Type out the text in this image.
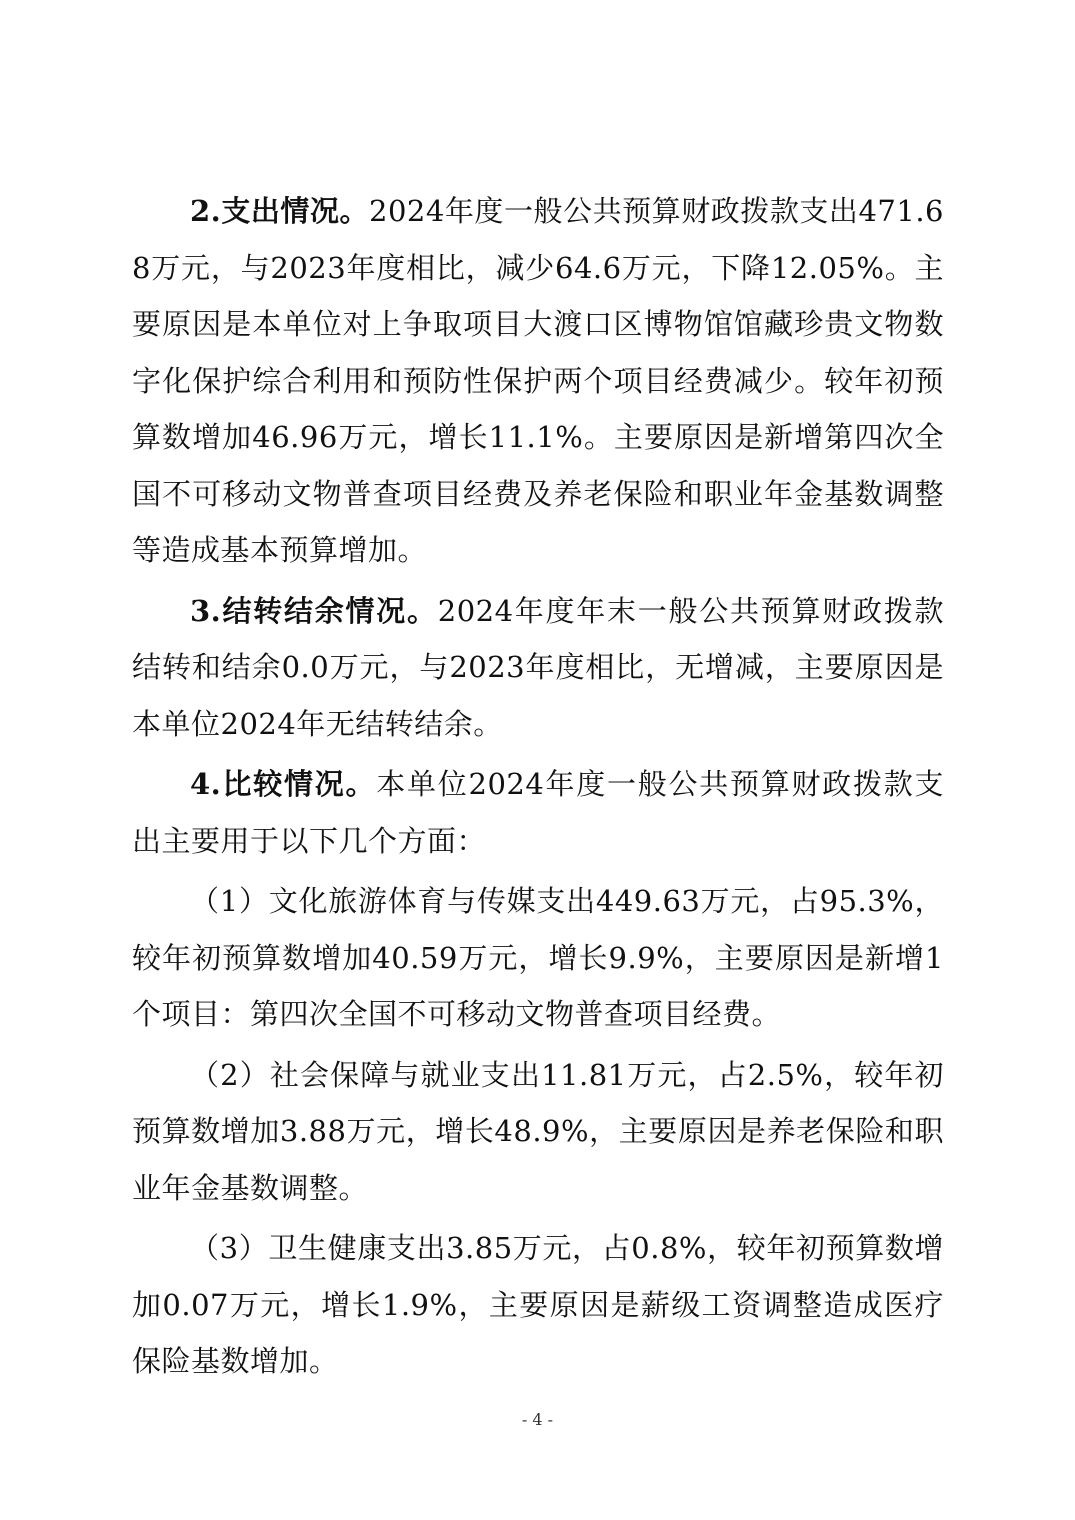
2.支出情况。2024年度一般公共预算财政拨款支出471.68万元，与2023年度相比，减少64.6万元，下降12.05%。主要原因是本单位对上争取项目大渡口区博物馆馆藏珍贵文物数字化保护综合利用和预防性保护两个项目经费减少。较年初预算数增加46.96万元，增长11.1%。主要原因是新增第四次全国不可移动文物普查项目经费及养老保险和职业年金基数调整等造成基本预算增加。

3.结转结余情况。2024年度年末一般公共预算财政拨款结转和结余0.0万元，与2023年度相比，无增减，主要原因是本单位2024年无结转结余。

4.比较情况。本单位2024年度一般公共预算财政拨款支出主要用于以下几个方面：

（1）文化旅游体育与传媒支出449.63万元，占95.3%，较年初预算数增加40.59万元，增长9.9%，主要原因是新增1个项目：第四次全国不可移动文物普查项目经费。

（2）社会保障与就业支出11.81万元，占2.5%，较年初预算数增加3.88万元，增长48.9%，主要原因是养老保险和职业年金基数调整。

（3）卫生健康支出3.85万元，占0.8%，较年初预算数增加0.07万元，增长1.9%，主要原因是薪级工资调整造成医疗保险基数增加。

- 4 -
